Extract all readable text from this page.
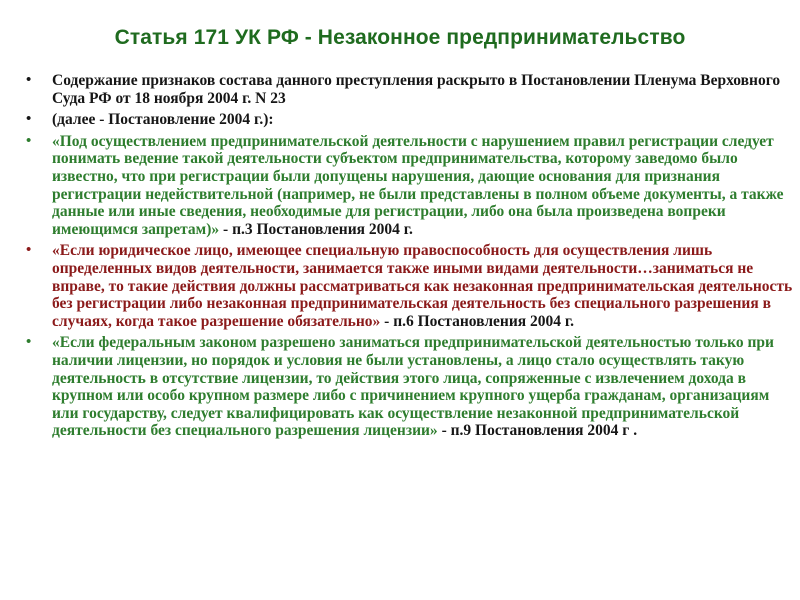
Статья 171 УК РФ - Незаконное предпринимательство
•	Содержание признаков состава данного преступления раскрыто в Постановлении Пленума Верховного Суда РФ от 18 ноября 2004 г. N 23
•	(далее - Постановление 2004 г.):
•	«Под осуществлением предпринимательской деятельности с нарушением правил регистрации следует понимать ведение такой деятельности субъектом предпринимательства, которому заведомо было известно, что при регистрации были допущены нарушения, дающие основания для признания регистрации недействительной (например, не были представлены в полном объеме документы, а также данные или иные сведения, необходимые для регистрации, либо она была произведена вопреки имеющимся запретам)» - п.3 Постановления 2004 г.
•	«Если юридическое лицо, имеющее специальную правоспособность для осуществления лишь определенных видов деятельности, занимается также иными видами деятельности…заниматься не вправе, то такие действия должны рассматриваться как незаконная предпринимательская деятельность без регистрации либо незаконная предпринимательская деятельность без специального разрешения в случаях, когда такое разрешение обязательно» - п.6 Постановления 2004 г.
•	«Если федеральным законом разрешено заниматься предпринимательской деятельностью только при наличии лицензии, но порядок и условия не были установлены, а лицо стало осуществлять такую деятельность в отсутствие лицензии, то действия этого лица, сопряженные с извлечением дохода в крупном или особо крупном размере либо с причинением крупного ущерба гражданам, организациям или государству, следует квалифицировать как осуществление незаконной предпринимательской деятельности без специального разрешения лицензии» - п.9 Постановления 2004 г .
